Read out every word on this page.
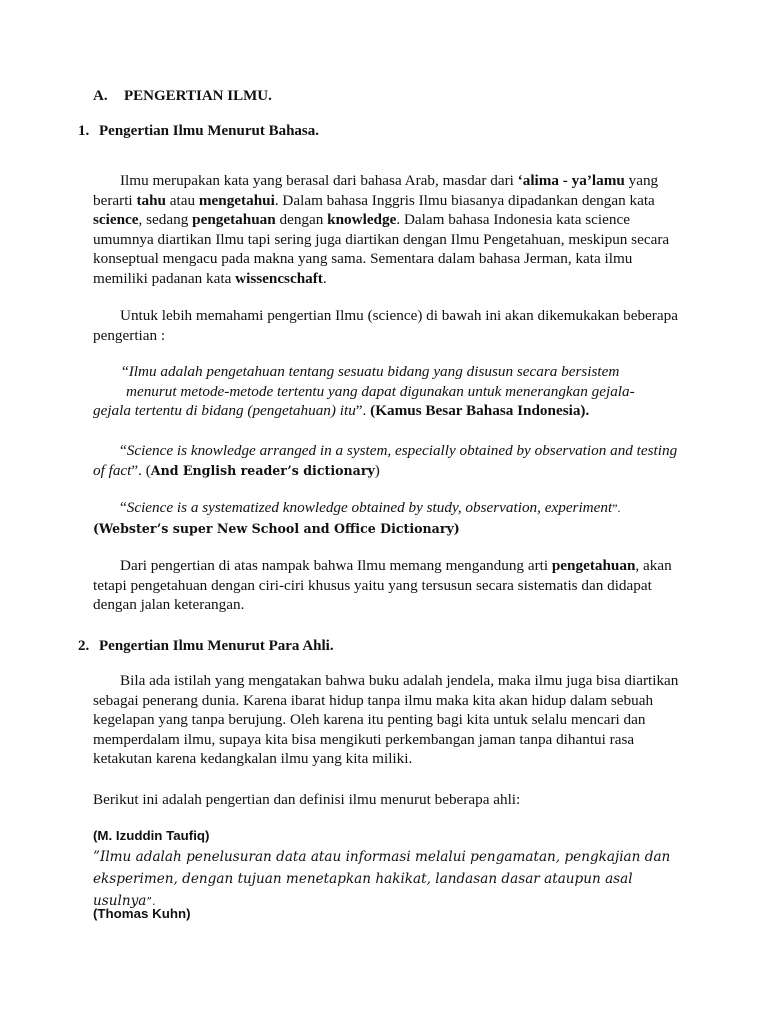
A. PENGERTIAN ILMU.

1. Pengertian Ilmu Menurut Bahasa.

Ilmu merupakan kata yang berasal dari bahasa Arab, masdar dari ‘alima - ya’lamu yang berarti tahu atau mengetahui. Dalam bahasa Inggris Ilmu biasanya dipadankan dengan kata science, sedang pengetahuan dengan knowledge. Dalam bahasa Indonesia kata science umumnya diartikan Ilmu tapi sering juga diartikan dengan Ilmu Pengetahuan, meskipun secara konseptual mengacu pada makna yang sama. Sementara dalam bahasa Jerman, kata ilmu memiliki padanan kata wissencschaft.

Untuk lebih memahami pengertian Ilmu (science) di bawah ini akan dikemukakan beberapa pengertian :

“Ilmu adalah pengetahuan tentang sesuatu bidang yang disusun secara bersistem
menurut metode-metode tertentu yang dapat digunakan untuk menerangkan gejala-
gejala tertentu di bidang (pengetahuan) itu”. (Kamus Besar Bahasa Indonesia).

“Science is knowledge arranged in a system, especially obtained by observation and testing of fact”. (And English reader’s dictionary)

“Science is a systematized knowledge obtained by study, observation, experiment”.
(Webster’s super New School and Office Dictionary)

Dari pengertian di atas nampak bahwa Ilmu memang mengandung arti pengetahuan, akan tetapi pengetahuan dengan ciri-ciri khusus yaitu yang tersusun secara sistematis dan didapat dengan jalan keterangan.

2. Pengertian Ilmu Menurut Para Ahli.

Bila ada istilah yang mengatakan bahwa buku adalah jendela, maka ilmu juga bisa diartikan sebagai penerang dunia. Karena ibarat hidup tanpa ilmu maka kita akan hidup dalam sebuah kegelapan yang tanpa berujung. Oleh karena itu penting bagi kita untuk selalu mencari dan memperdalam ilmu, supaya kita bisa mengikuti perkembangan jaman tanpa dihantui rasa ketakutan karena kedangkalan ilmu yang kita miliki.

Berikut ini adalah pengertian dan definisi ilmu menurut beberapa ahli:

(M. Izuddin Taufiq)

”Ilmu adalah penelusuran data atau informasi melalui pengamatan, pengkajian dan eksperimen, dengan tujuan menetapkan hakikat, landasan dasar ataupun asal usulnya”.

(Thomas Kuhn)
